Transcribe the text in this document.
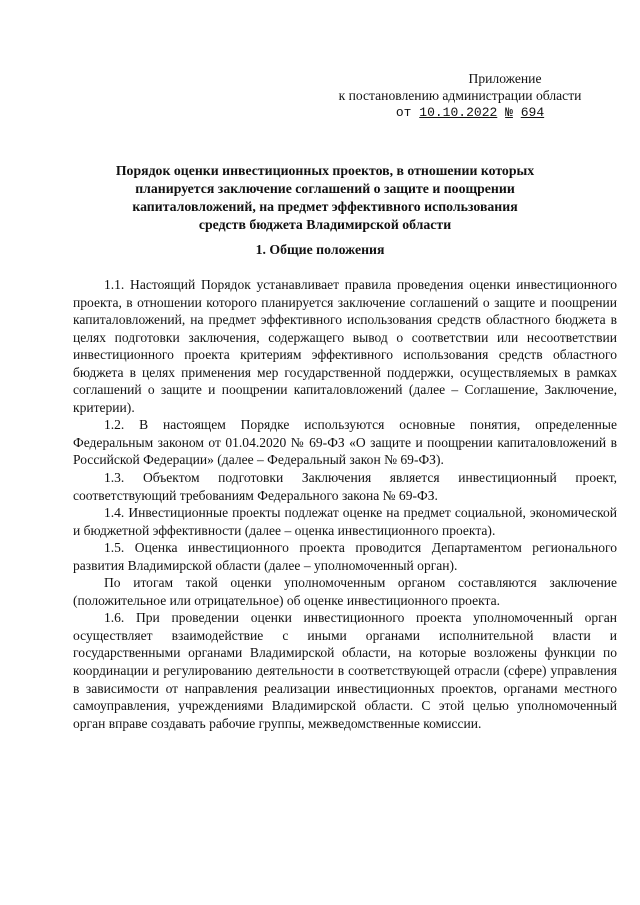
Приложение
к постановлению администрации области
от 10.10.2022 № 694
Порядок оценки инвестиционных проектов, в отношении которых
планируется заключение соглашений о защите и поощрении
капиталовложений, на предмет эффективного использования
средств бюджета Владимирской области
1. Общие положения

1.1. Настоящий Порядок устанавливает правила проведения оценки инвестиционного проекта, в отношении которого планируется заключение соглашений о защите и поощрении капиталовложений, на предмет эффективного использования средств областного бюджета в целях подготовки заключения, содержащего вывод о соответствии или несоответствии инвестиционного проекта критериям эффективного использования средств областного бюджета в целях применения мер государственной поддержки, осуществляемых в рамках соглашений о защите и поощрении капиталовложений (далее – Соглашение, Заключение, критерии).

1.2. В настоящем Порядке используются основные понятия, определенные Федеральным законом от 01.04.2020 № 69-ФЗ «О защите и поощрении капиталовложений в Российской Федерации» (далее – Федеральный закон № 69-ФЗ).

1.3. Объектом подготовки Заключения является инвестиционный проект, соответствующий требованиям Федерального закона № 69-ФЗ.

1.4. Инвестиционные проекты подлежат оценке на предмет социальной, экономической и бюджетной эффективности (далее – оценка инвестиционного проекта).

1.5. Оценка инвестиционного проекта проводится Департаментом регионального развития Владимирской области (далее – уполномоченный орган).

По итогам такой оценки уполномоченным органом составляются заключение (положительное или отрицательное) об оценке инвестиционного проекта.

1.6. При проведении оценки инвестиционного проекта уполномоченный орган осуществляет взаимодействие с иными органами исполнительной власти и государственными органами Владимирской области, на которые возложены функции по координации и регулированию деятельности в соответствующей отрасли (сфере) управления в зависимости от направления реализации инвестиционных проектов, органами местного самоуправления, учреждениями Владимирской области. С этой целью уполномоченный орган вправе создавать рабочие группы, межведомственные комиссии.
